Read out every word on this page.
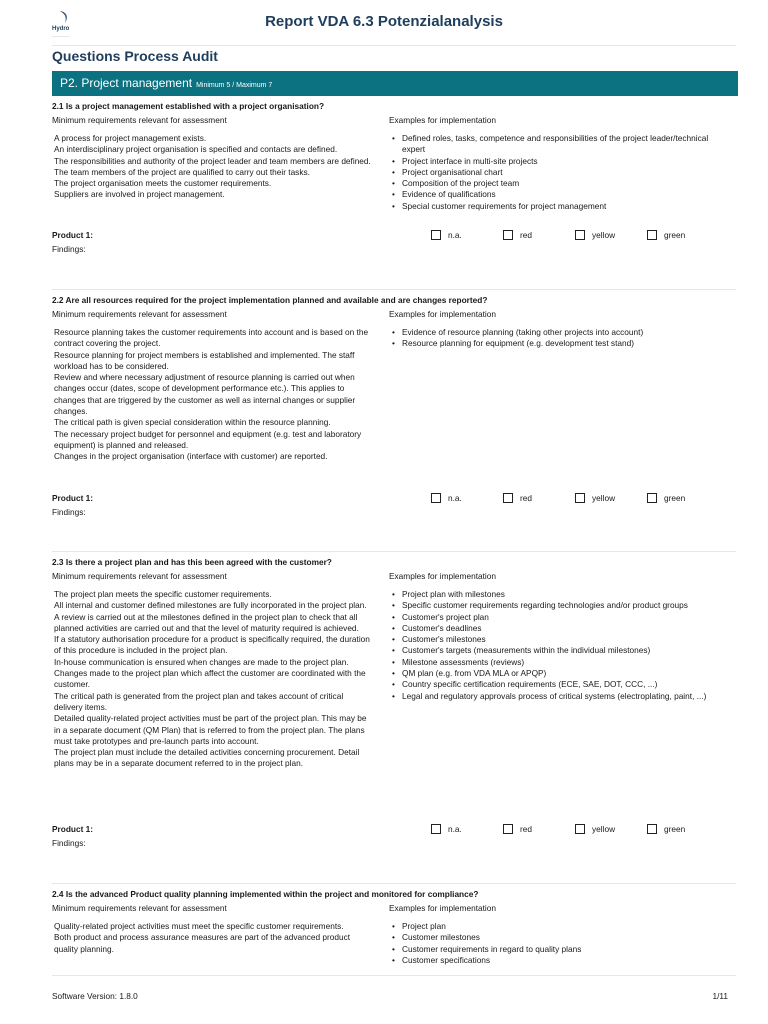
Hydro
——————
Report VDA 6.3 Potenzialanalysis
Questions Process Audit
P2. Project management Minimum 5 / Maximum 7
2.1 Is a project management established with a project organisation?
Minimum requirements relevant for assessment	Examples for implementation
A process for project management exists.
An interdisciplinary project organisation is specified and contacts are defined.
The responsibilities and authority of the project leader and team members are defined.
The team members of the project are qualified to carry out their tasks.
The project organisation meets the customer requirements.
Suppliers are involved in project management.
• Defined roles, tasks, competence and responsibilities of the project leader/technical expert
• Project interface in multi-site projects
• Project organisational chart
• Composition of the project team
• Evidence of qualifications
• Special customer requirements for project management
Product 1:	n.a.	red	yellow	green
Findings:
2.2 Are all resources required for the project implementation planned and available and are changes reported?
Minimum requirements relevant for assessment	Examples for implementation
Resource planning takes the customer requirements into account and is based on the contract covering the project.
Resource planning for project members is established and implemented. The staff workload has to be considered.
Review and where necessary adjustment of resource planning is carried out when changes occur (dates, scope of development performance etc.). This applies to changes that are triggered by the customer as well as internal changes or supplier changes.
The critical path is given special consideration within the resource planning.
The necessary project budget for personnel and equipment (e.g. test and laboratory equipment) is planned and released.
Changes in the project organisation (interface with customer) are reported.
• Evidence of resource planning (taking other projects into account)
• Resource planning for equipment (e.g. development test stand)
Product 1:	n.a.	red	yellow	green
Findings:
2.3 Is there a project plan and has this been agreed with the customer?
Minimum requirements relevant for assessment	Examples for implementation
The project plan meets the specific customer requirements.
All internal and customer defined milestones are fully incorporated in the project plan.
A review is carried out at the milestones defined in the project plan to check that all planned activities are carried out and that the level of maturity required is achieved.
If a statutory authorisation procedure for a product is specifically required, the duration of this procedure is included in the project plan.
In-house communication is ensured when changes are made to the project plan. Changes made to the project plan which affect the customer are coordinated with the customer.
The critical path is generated from the project plan and takes account of critical delivery items.
Detailed quality-related project activities must be part of the project plan. This may be in a separate document (QM Plan) that is referred to from the project plan. The plans must take prototypes and pre-launch parts into account.
The project plan must include the detailed activities concerning procurement. Detail plans may be in a separate document referred to in the project plan.
• Project plan with milestones
• Specific customer requirements regarding technologies and/or product groups
• Customer's project plan
• Customer's deadlines
• Customer's milestones
• Customer's targets (measurements within the individual milestones)
• Milestone assessments (reviews)
• QM plan (e.g. from VDA MLA or APQP)
• Country specific certification requirements (ECE, SAE, DOT, CCC, ...)
• Legal and regulatory approvals process of critical systems (electroplating, paint, ...)
Product 1:	n.a.	red	yellow	green
Findings:
2.4 Is the advanced Product quality planning implemented within the project and monitored for compliance?
Minimum requirements relevant for assessment	Examples for implementation
Quality-related project activities must meet the specific customer requirements.
Both product and process assurance measures are part of the advanced product quality planning.
• Project plan
• Customer milestones
• Customer requirements in regard to quality plans
• Customer specifications
Software Version: 1.8.0	1/11
